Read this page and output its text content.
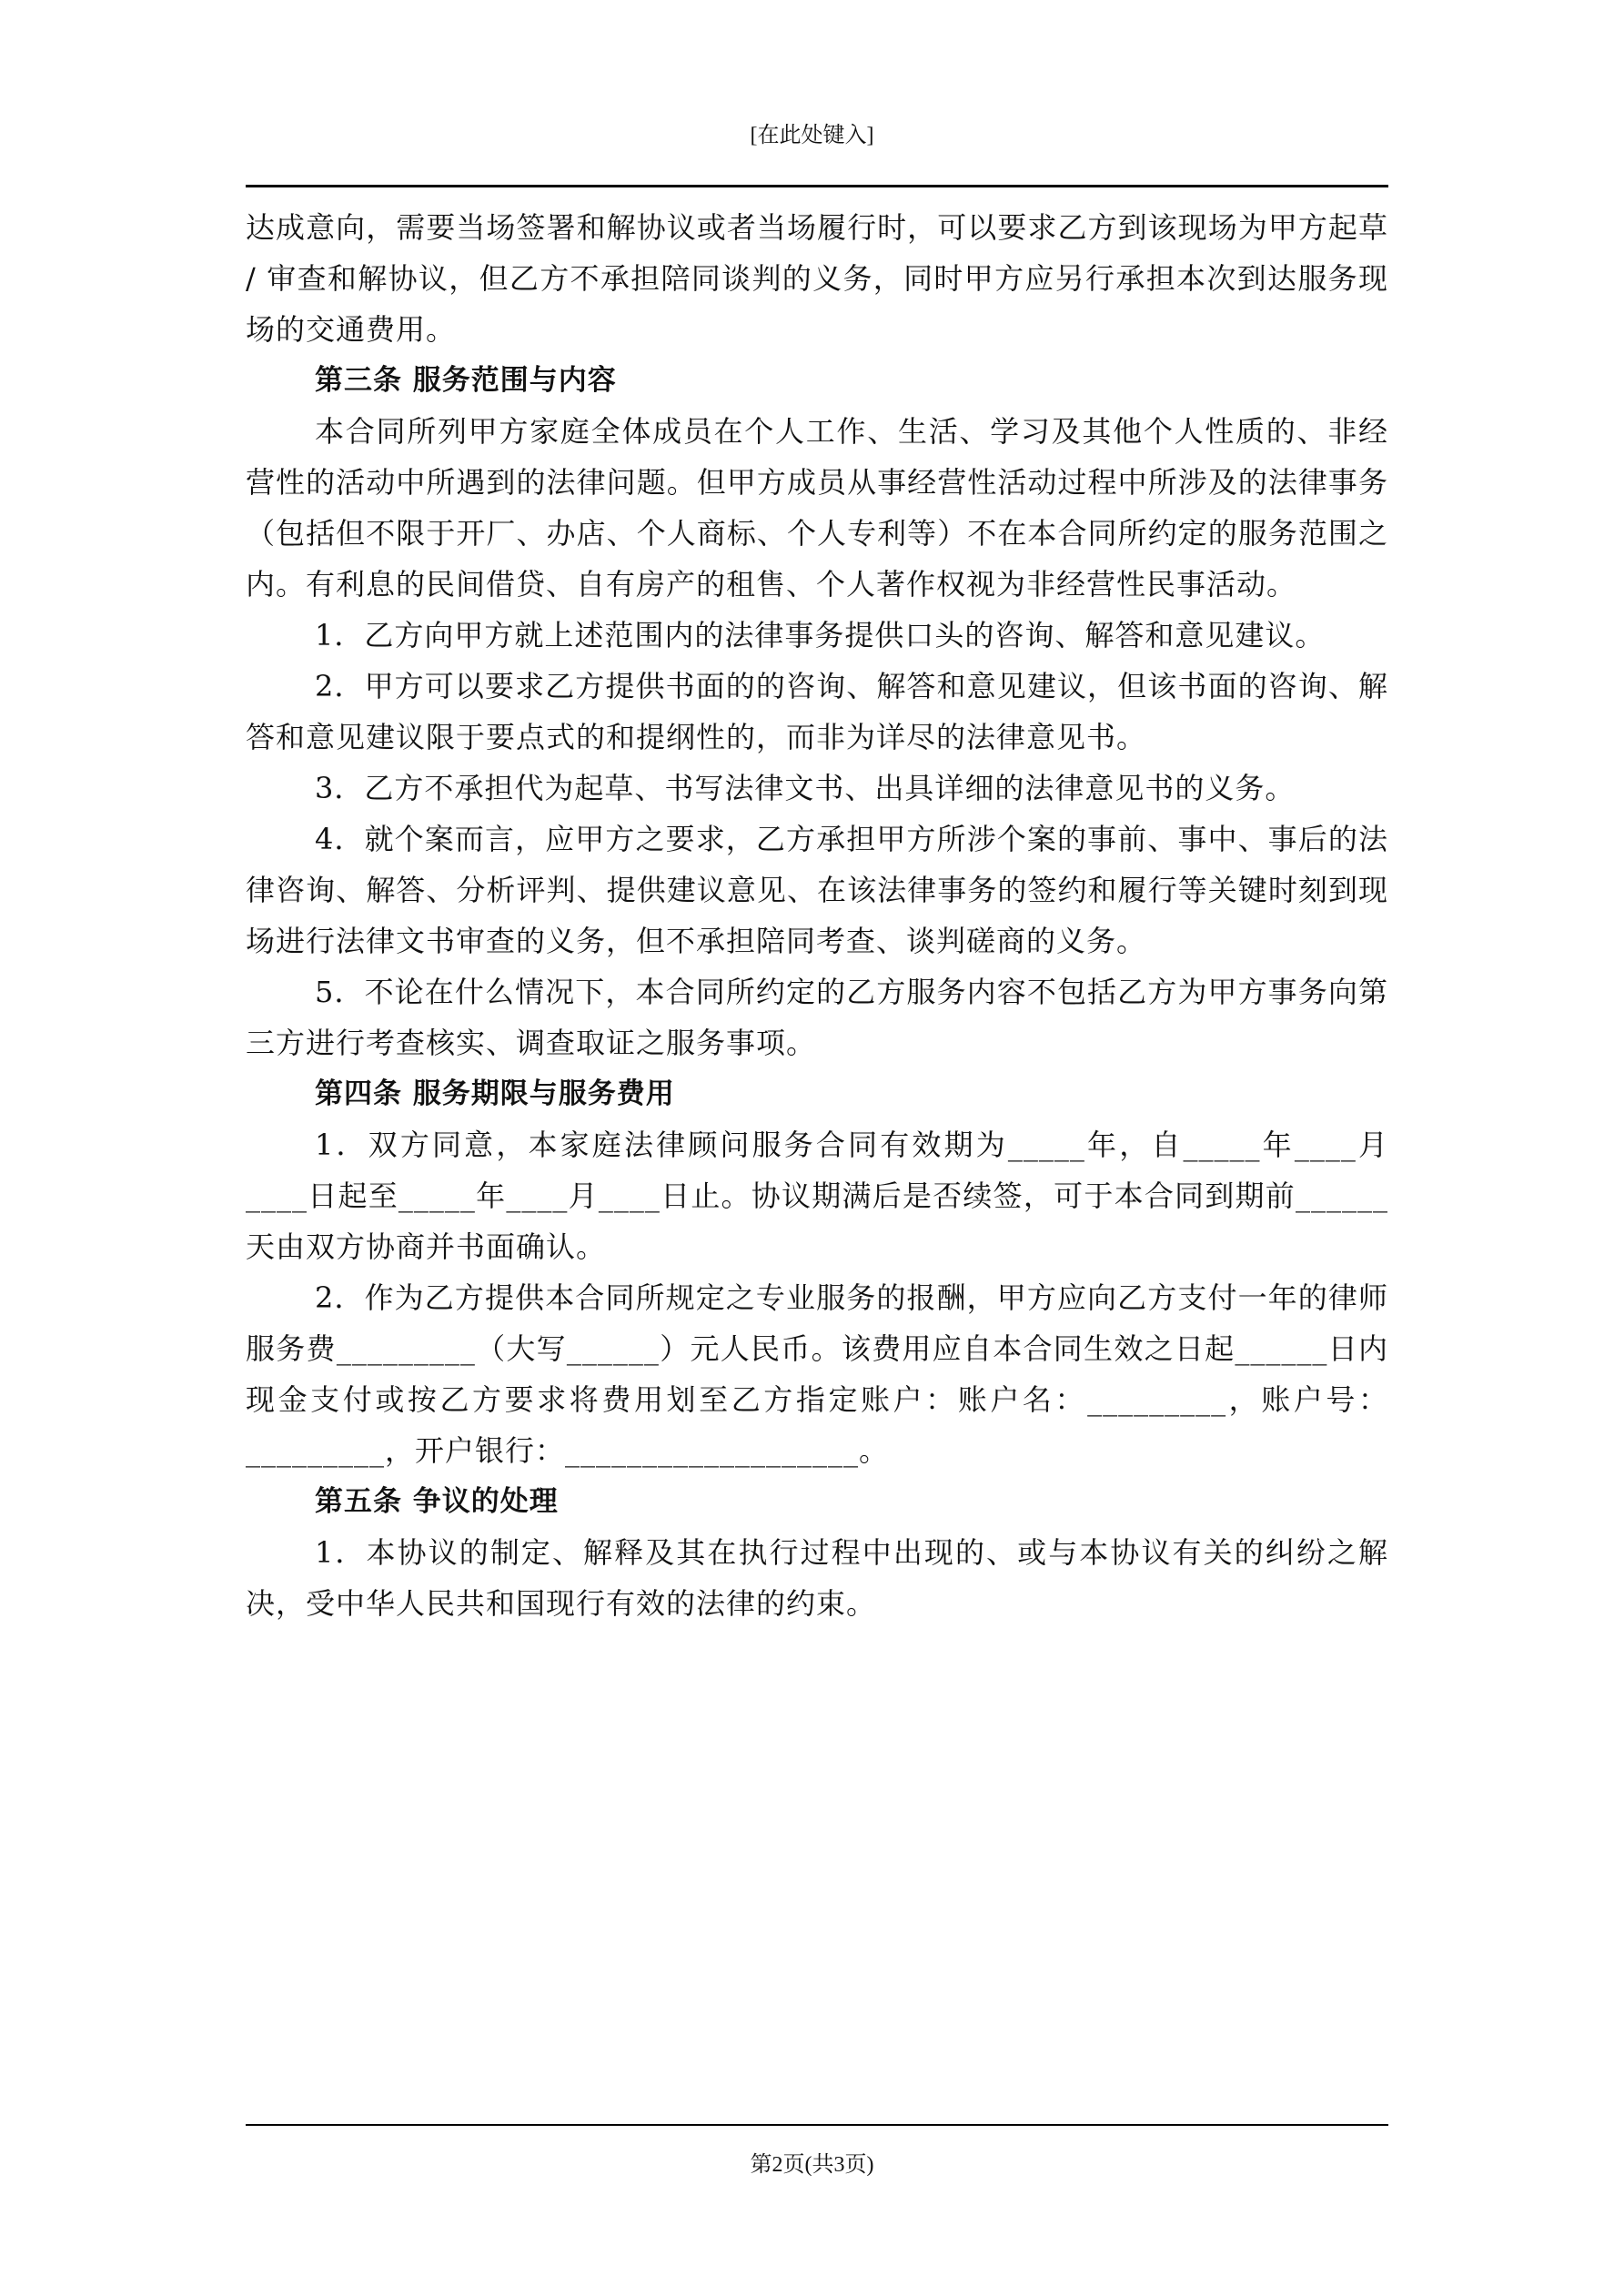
[在此处键入]

达成意向，需要当场签署和解协议或者当场履行时，可以要求乙方到该现场为甲方起草 / 审查和解协议，但乙方不承担陪同谈判的义务，同时甲方应另行承担本次到达服务现场的交通费用。

第三条 服务范围与内容

本合同所列甲方家庭全体成员在个人工作、生活、学习及其他个人性质的、非经营性的活动中所遇到的法律问题。但甲方成员从事经营性活动过程中所涉及的法律事务（包括但不限于开厂、办店、个人商标、个人专利等）不在本合同所约定的服务范围之内。有利息的民间借贷、自有房产的租售、个人著作权视为非经营性民事活动。

1．乙方向甲方就上述范围内的法律事务提供口头的咨询、解答和意见建议。

2．甲方可以要求乙方提供书面的的咨询、解答和意见建议，但该书面的咨询、解答和意见建议限于要点式的和提纲性的，而非为详尽的法律意见书。

3．乙方不承担代为起草、书写法律文书、出具详细的法律意见书的义务。

4．就个案而言，应甲方之要求，乙方承担甲方所涉个案的事前、事中、事后的法律咨询、解答、分析评判、提供建议意见、在该法律事务的签约和履行等关键时刻到现场进行法律文书审查的义务，但不承担陪同考查、谈判磋商的义务。

5．不论在什么情况下，本合同所约定的乙方服务内容不包括乙方为甲方事务向第三方进行考查核实、调查取证之服务事项。

第四条 服务期限与服务费用

1．双方同意，本家庭法律顾问服务合同有效期为_____年，自_____年____月____日起至_____年____月____日止。协议期满后是否续签，可于本合同到期前______天由双方协商并书面确认。

2．作为乙方提供本合同所规定之专业服务的报酬，甲方应向乙方支付一年的律师服务费_________（大写______）元人民币。该费用应自本合同生效之日起______日内现金支付或按乙方要求将费用划至乙方指定账户：账户名：_________，账户号：_________，开户银行：___________________。

第五条 争议的处理

1．本协议的制定、解释及其在执行过程中出现的、或与本协议有关的纠纷之解决，受中华人民共和国现行有效的法律的约束。

第2页(共3页)
